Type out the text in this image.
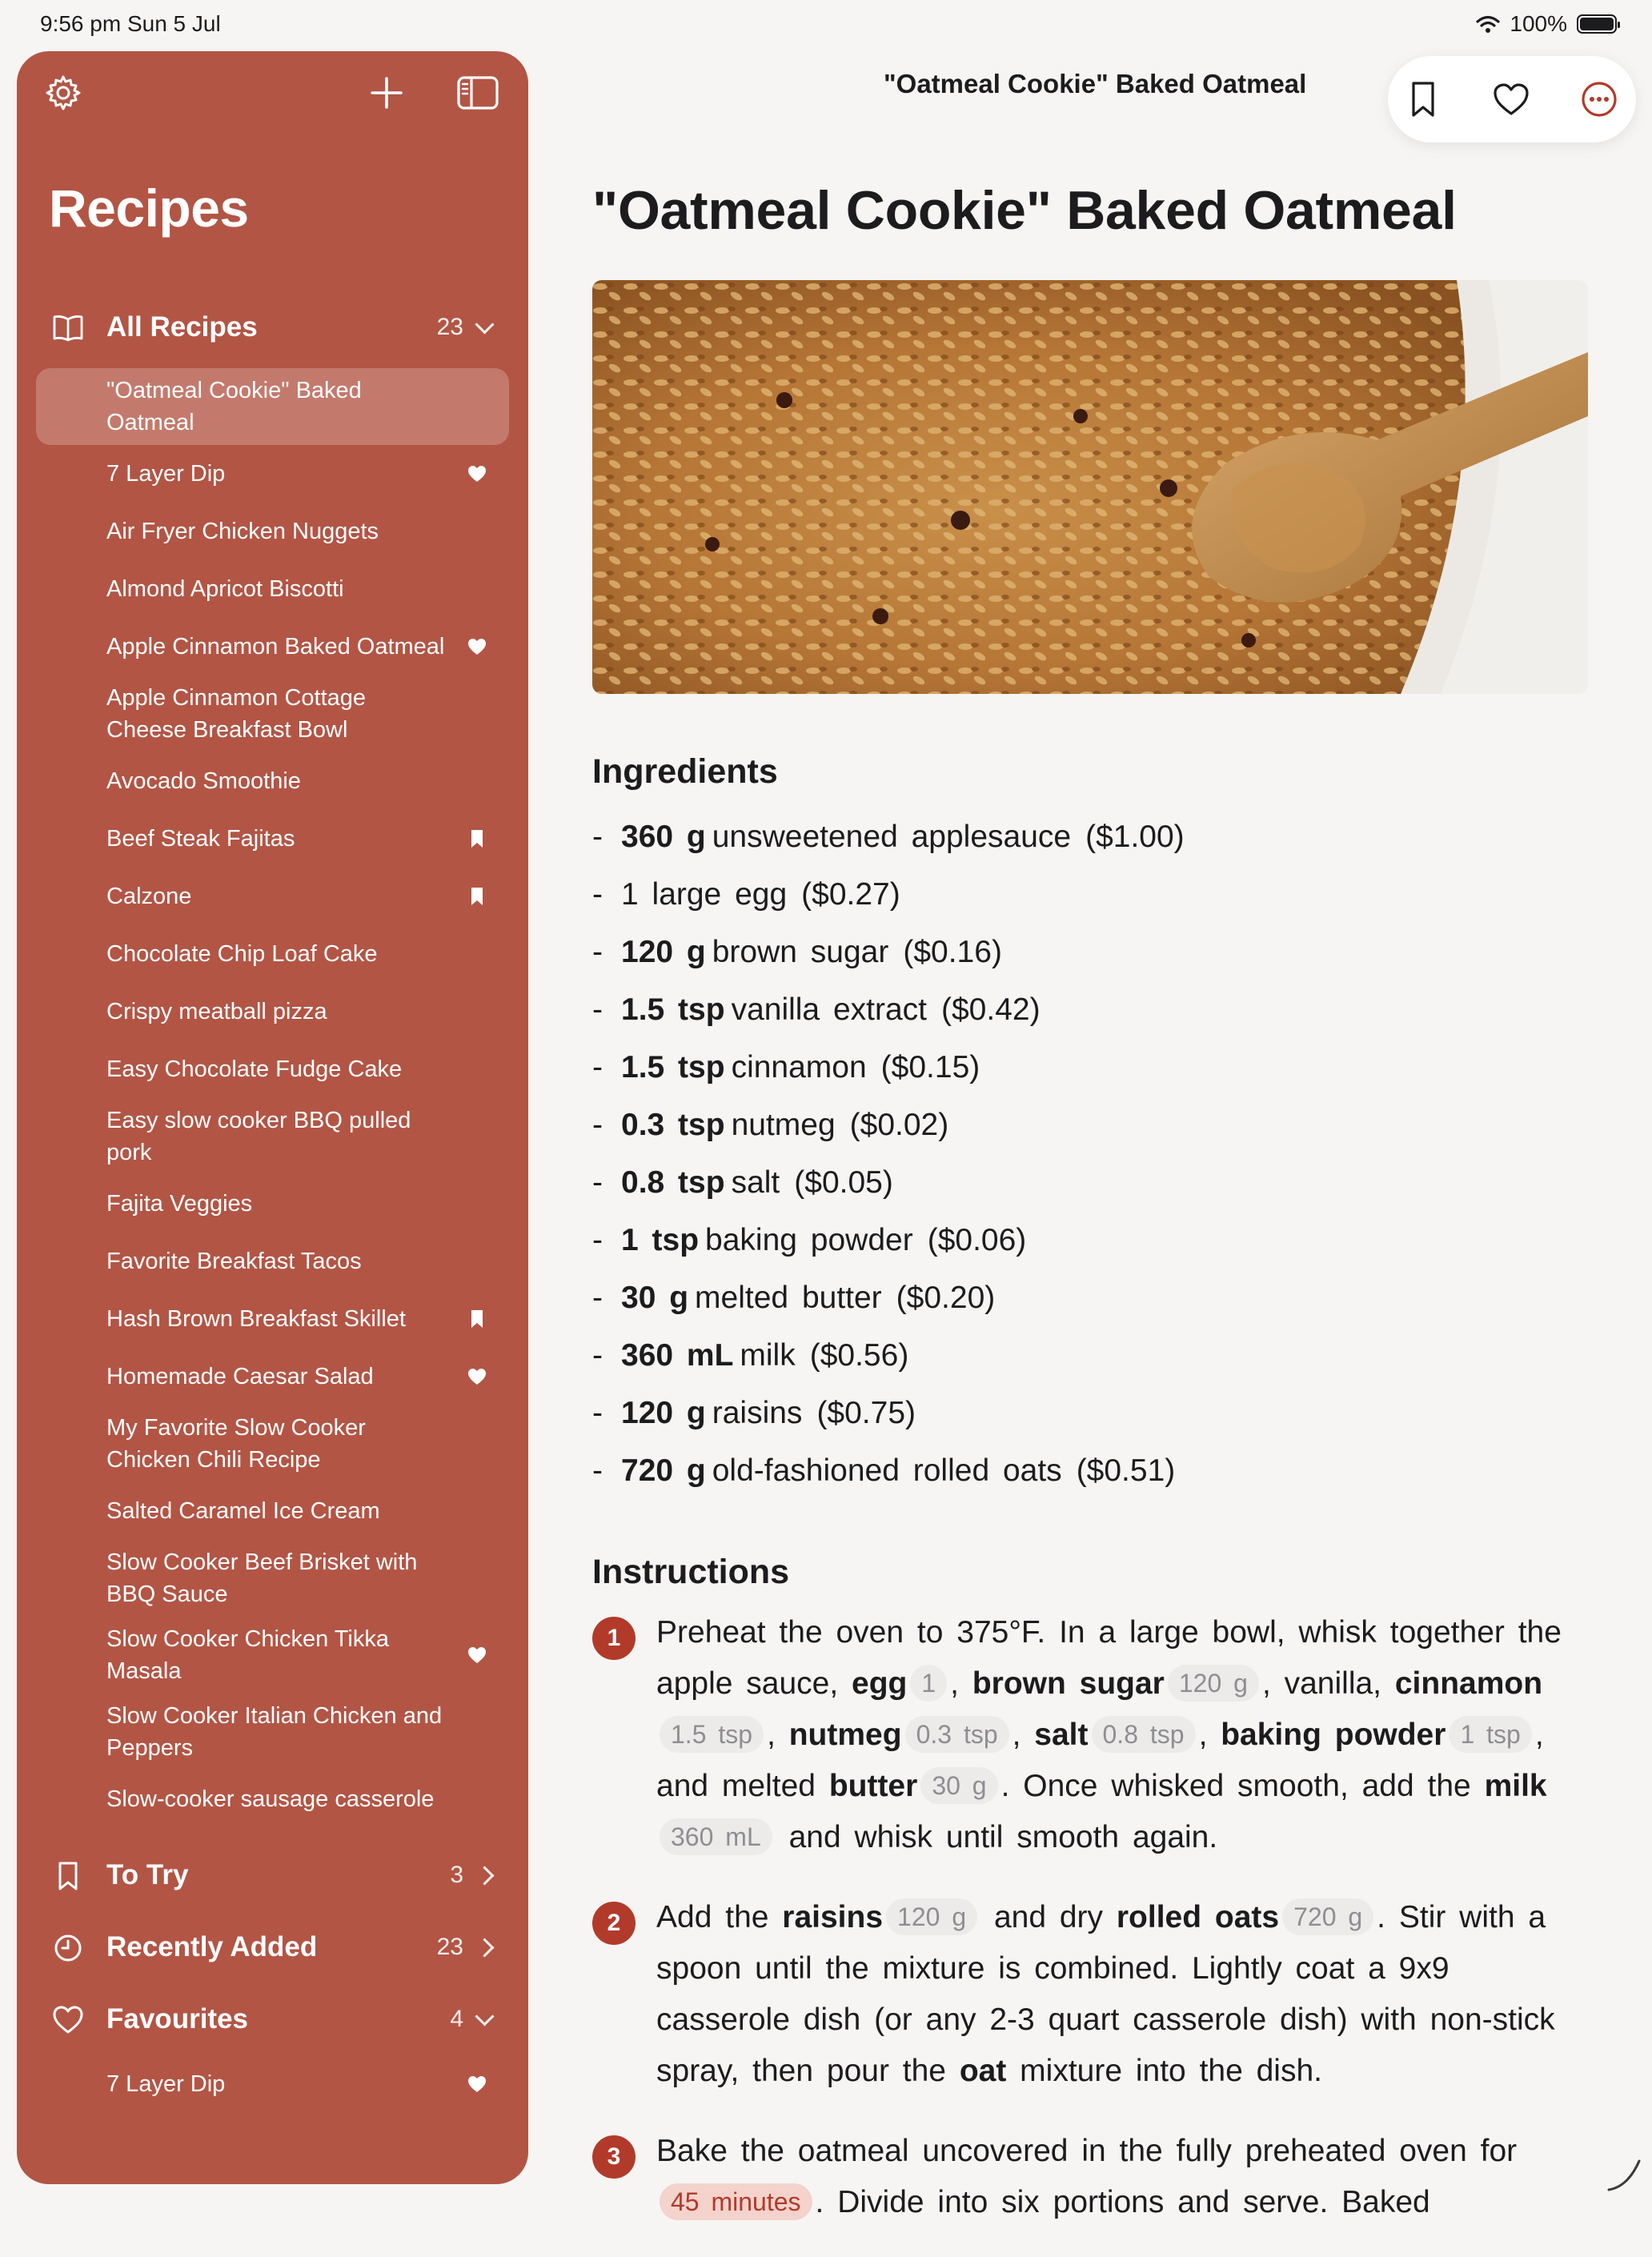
9:56 pm Sun 5 Jul	100%
Recipes
All Recipes	23
"Oatmeal Cookie" Baked Oatmeal
7 Layer Dip
Air Fryer Chicken Nuggets
Almond Apricot Biscotti
Apple Cinnamon Baked Oatmeal
Apple Cinnamon Cottage Cheese Breakfast Bowl
Avocado Smoothie
Beef Steak Fajitas
Calzone
Chocolate Chip Loaf Cake
Crispy meatball pizza
Easy Chocolate Fudge Cake
Easy slow cooker BBQ pulled pork
Fajita Veggies
Favorite Breakfast Tacos
Hash Brown Breakfast Skillet
Homemade Caesar Salad
My Favorite Slow Cooker Chicken Chili Recipe
Salted Caramel Ice Cream
Slow Cooker Beef Brisket with BBQ Sauce
Slow Cooker Chicken Tikka Masala
Slow Cooker Italian Chicken and Peppers
Slow-cooker sausage casserole
To Try	3
Recently Added	23
Favourites	4
7 Layer Dip
"Oatmeal Cookie" Baked Oatmeal
"Oatmeal Cookie" Baked Oatmeal
Ingredients
- 360 g unsweetened applesauce ($1.00)
- 1 large egg ($0.27)
- 120 g brown sugar ($0.16)
- 1.5 tsp vanilla extract ($0.42)
- 1.5 tsp cinnamon ($0.15)
- 0.3 tsp nutmeg ($0.02)
- 0.8 tsp salt ($0.05)
- 1 tsp baking powder ($0.06)
- 30 g melted butter ($0.20)
- 360 mL milk ($0.56)
- 120 g raisins ($0.75)
- 720 g old-fashioned rolled oats ($0.51)
Instructions
1	Preheat the oven to 375°F. In a large bowl, whisk together the apple sauce, egg 1 , brown sugar 120 g , vanilla, cinnamon1.5 tsp , nutmeg 0.3 tsp , salt 0.8 tsp , baking powder 1 tsp , and melted butter 30 g . Once whisked smooth, add the milk360 mL and whisk until smooth again.
2	Add the raisins 120 g and dry rolled oats 720 g . Stir with a spoon until the mixture is combined. Lightly coat a 9x9 casserole dish (or any 2-3 quart casserole dish) with non-stick spray, then pour the oat mixture into the dish.
3	Bake the oatmeal uncovered in the fully preheated oven for 45 minutes . Divide into six portions and serve. Baked
